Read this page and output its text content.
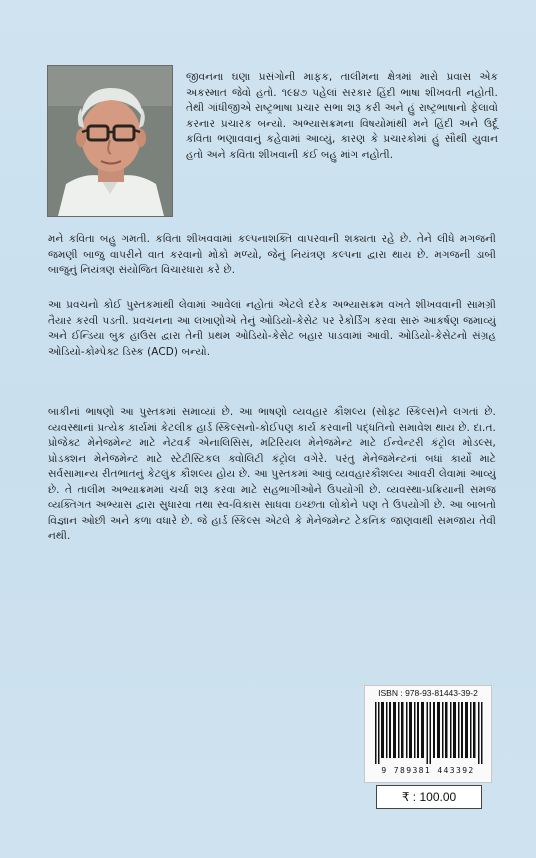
જીવનના ઘણા પ્રસંગોની માફક, તાલીમના ક્ષેત્રમાં મારો પ્રવાસ એક અકસ્માત જેવો હતો. ૧૯૪૭ પહેલાં સરકાર હિંદી ભાષા શીખવતી નહોતી. તેથી ગાંધીજીએ રાષ્ટ્રભાષા પ્રચાર સભા શરૂ કરી અને હું રાષ્ટ્રભાષાનો ફેલાવો કરનાર પ્રચારક બન્યો. અભ્યાસક્રમના વિષયોમાંથી મને હિંદી અને ઉર્દૂ કવિતા ભણાવવાનું કહેવામાં આવ્યું, કારણ કે પ્રચારકોમાં હું સૌથી યુવાન હતો અને કવિતા શીખવાની કંઈ બહુ માંગ નહોતી.
મને કવિતા બહુ ગમતી. કવિતા શીખવવામાં કલ્પનાશક્તિ વાપરવાની શક્યતા રહે છે. તેને લીધે મગજની જમણી બાજુ વાપરીને વાત કરવાનો મોકો મળ્યો, જેનું નિયંત્રણ કલ્પના દ્વારા થાય છે. મગજની ડાબી બાજુનું નિયંત્રણ સંયોજિત વિચારધારા કરે છે.
આ પ્રવચનો કોઈ પુસ્તકમાંથી લેવામાં આવેલાં નહોતાં એટલે દરેક અભ્યાસક્રમ વખતે શીખવવાની સામગ્રી તૈયાર કરવી પડતી. પ્રવચનના આ લખાણોએ તેનું ઓડિયો-કેસેટ પર રેકોર્ડિંગ કરવા સારું આકર્ષણ જમાવ્યું અને ઈન્ડિયા બુક હાઉસ દ્વારા તેની પ્રથમ ઓડિયો-કેસેટ બહાર પાડવામાં આવી. ઓડિયો-કેસેટનો સંગ્રહ ઓડિયો-કોમ્પેક્ટ ડિસ્ક (ACD) બન્યો.
બાકીનાં ભાષણો આ પુસ્તકમાં સમાવ્યાં છે. આ ભાષણો વ્યવહાર કૌશલ્ય (સોફ્ટ સ્કિલ્સ)ને લગતાં છે. વ્યવસ્થાનાં પ્રત્યેક કાર્યમાં કેટલીક હાર્ડ સ્કિલ્સનો-કોઈપણ કાર્ય કરવાની પદ્ધતિનો સમાવેશ થાય છે. દા.ત. પ્રોજેક્ટ મેનેજમેન્ટ માટે નેટવર્ક એનાલિસિસ, મટિરિયલ મેનેજમેન્ટ માટે ઈન્વેન્ટરી કંટ્રોલ મોડલ્સ, પ્રોડક્શન મેનેજમેન્ટ માટે સ્ટેટીસ્ટિકલ ક્વોલિટી કંટ્રોલ વગેરે. પરંતુ મેનેજમેન્ટનાં બધાં કાર્યો માટે સર્વસામાન્ય રીતભાતનું કેટલુંક કૌશલ્ય હોય છે. આ પુસ્તકમાં આવું વ્યવહારકૌશલ્ય આવરી લેવામાં આવ્યું છે. તે તાલીમ અભ્યાક્રમમાં ચર્ચા શરૂ કરવા માટે સહભાગીઓને ઉપયોગી છે. વ્યવસ્થા-પ્રક્રિયાની સમજ વ્યક્તિગત અભ્યાસ દ્વારા સુધારવા તથા સ્વ-વિકાસ સાધવા ઇચ્છતા લોકોને પણ તે ઉપયોગી છે. આ બાબતો વિજ્ઞાન ઓછી અને કળા વધારે છે. જે હાર્ડ સ્કિલ્સ એટલે કે મેનેજમેન્ટ ટેકનિક જાણવાથી સમજાય તેવી નથી.
ISBN : 978-93-81443-39-2
9 789381 443392
₹ : 100.00
